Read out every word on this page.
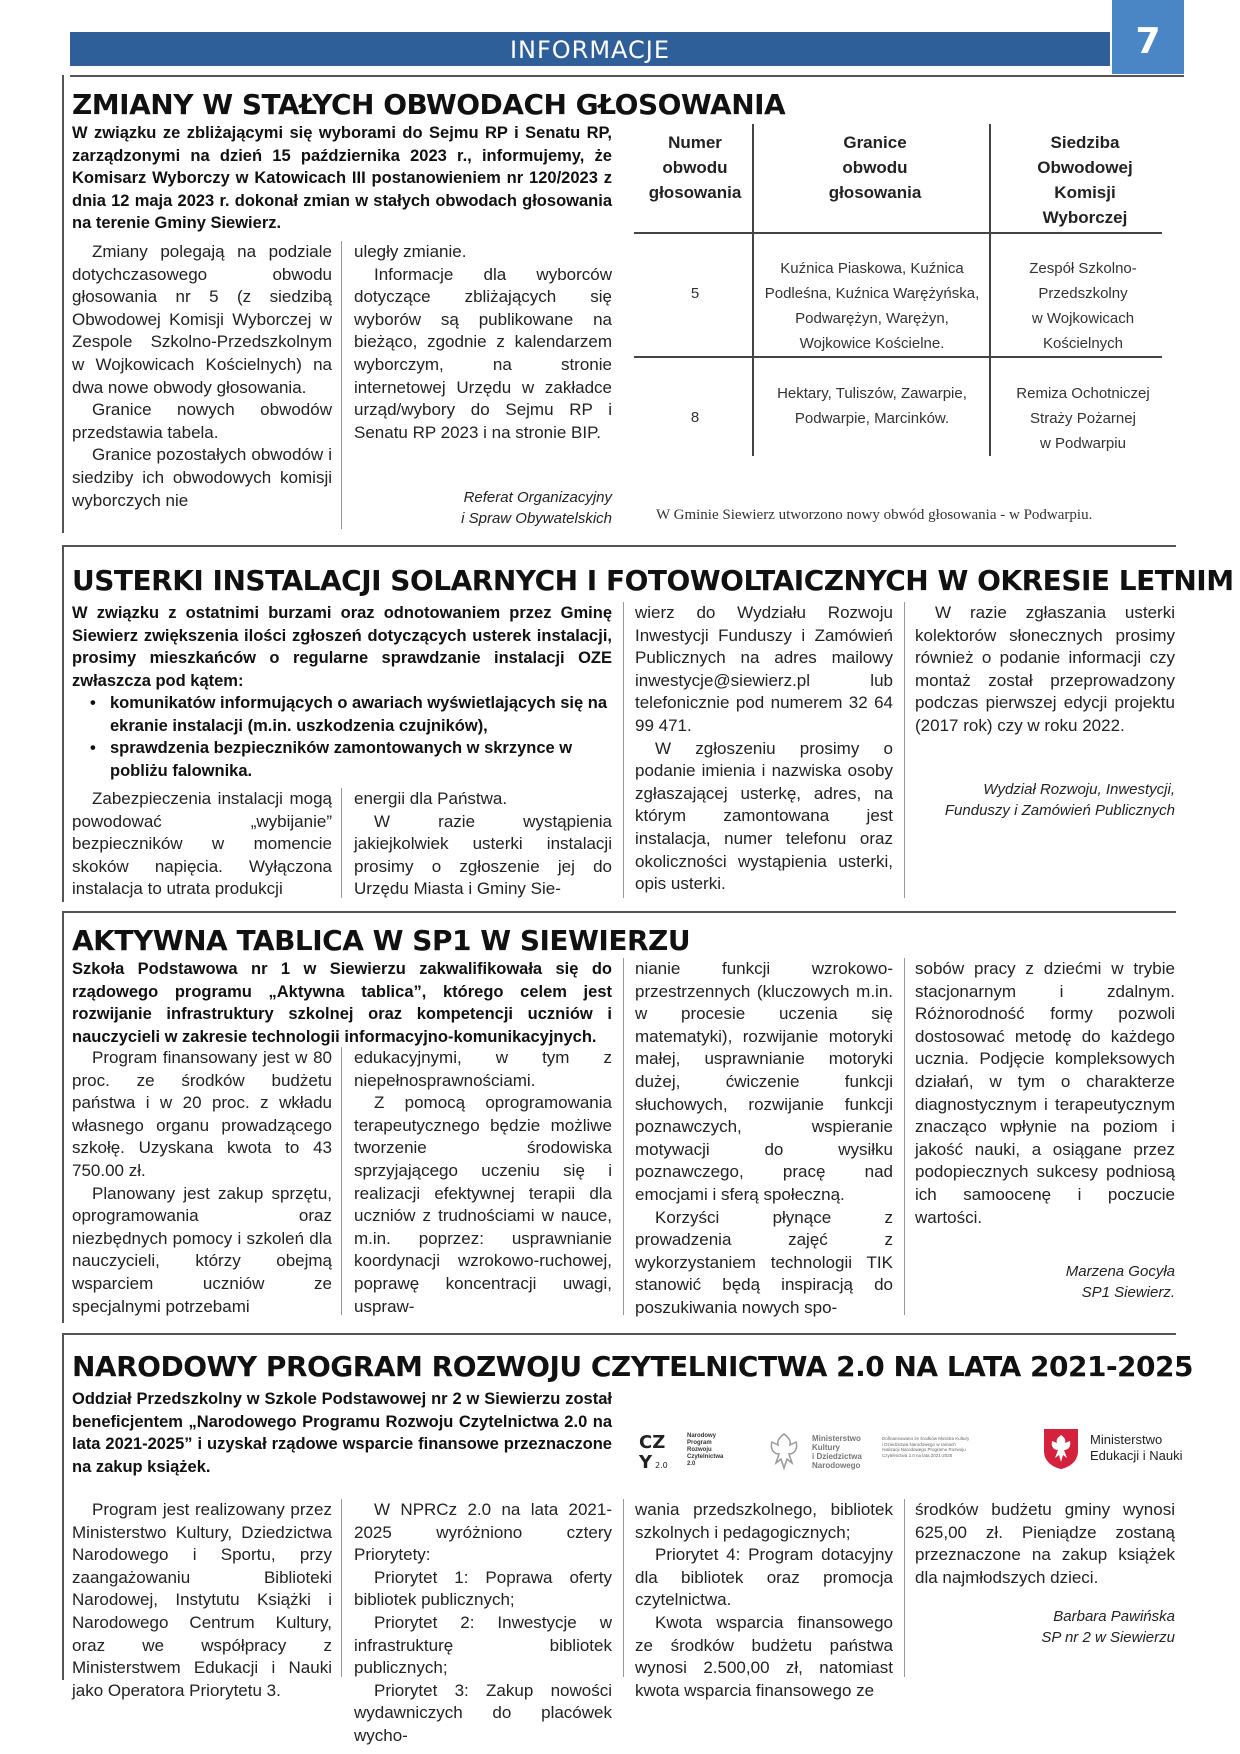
INFORMACJE	7
ZMIANY W STAŁYCH OBWODACH GŁOSOWANIA
W związku ze zbliżającymi się wyborami do Sejmu RP i Senatu RP, zarządzonymi na dzień 15 października 2023 r., informujemy, że Komisarz Wyborczy w Katowicach III postanowieniem nr 120/2023 z dnia 12 maja 2023 r. dokonał zmian w stałych obwodach głosowania na terenie Gminy Siewierz.

Zmiany polegają na podziale dotychczasowego obwodu głosowania nr 5 (z siedzibą Obwodowej Komisji Wyborczej w Zespole Szkolno-Przedszkolnym w Wojkowicach Kościelnych) na dwa nowe obwody głosowania.

Granice nowych obwodów przedstawia tabela.

Granice pozostałych obwodów i siedziby ich obwodowych komisji wyborczych nie

uległy zmianie.

Informacje dla wyborców dotyczące zbliżających się wyborów są publikowane na bieżąco, zgodnie z kalendarzem wyborczym, na stronie internetowej Urzędu w zakładce urząd/wybory do Sejmu RP i Senatu RP 2023 i na stronie BIP.

Referat Organizacyjny
i Spraw Obywatelskich
Numer
obwodu
głosowania
Granice
obwodu
głosowania
Siedziba
Obwodowej
Komisji
Wyborczej
5
Kuźnica Piaskowa, Kuźnica
Podleśna, Kuźnica Warężyńska,
Podwarężyn, Warężyn,
Wojkowice Kościelne.
Zespół Szkolno-
Przedszkolny
w Wojkowicach
Kościelnych
8
Hektary, Tuliszów, Zawarpie,
Podwarpie, Marcinków.
Remiza Ochotniczej
Straży Pożarnej
w Podwarpiu
W Gminie Siewierz utworzono nowy obwód głosowania - w Podwarpiu.
USTERKI INSTALACJI SOLARNYCH I FOTOWOLTAICZNYCH W OKRESIE LETNIM
W związku z ostatnimi burzami oraz odnotowaniem przez Gminę Siewierz zwiększenia ilości zgłoszeń dotyczących usterek instalacji, prosimy mieszkańców o regularne sprawdzanie instalacji OZE zwłaszcza pod kątem:
• komunikatów informujących o awariach wyświetlających się na ekranie instalacji (m.in. uszkodzenia czujników),
• sprawdzenia bezpieczników zamontowanych w skrzynce w pobliżu falownika.

Zabezpieczenia instalacji mogą powodować „wybijanie” bezpieczników w momencie skoków napięcia. Wyłączona instalacja to utrata produkcji

energii dla Państwa.

W razie wystąpienia jakiejkolwiek usterki instalacji prosimy o zgłoszenie jej do Urzędu Miasta i Gminy Sie-

wierz do Wydziału Rozwoju Inwestycji Funduszy i Zamówień Publicznych na adres mailowy inwestycje@siewierz.pl lub telefonicznie pod numerem 32 64 99 471.

W zgłoszeniu prosimy o podanie imienia i nazwiska osoby zgłaszającej usterkę, adres, na którym zamontowana jest instalacja, numer telefonu oraz okoliczności wystąpienia usterki, opis usterki.

W razie zgłaszania usterki kolektorów słonecznych prosimy również o podanie informacji czy montaż został przeprowadzony podczas pierwszej edycji projektu (2017 rok) czy w roku 2022.

Wydział Rozwoju, Inwestycji,
Funduszy i Zamówień Publicznych
AKTYWNA TABLICA W SP1 W SIEWIERZU
Szkoła Podstawowa nr 1 w Siewierzu zakwalifikowała się do rządowego programu „Aktywna tablica”, którego celem jest rozwijanie infrastruktury szkolnej oraz kompetencji uczniów i nauczycieli w zakresie technologii informacyjno-komunikacyjnych.

Program finansowany jest w 80 proc. ze środków budżetu państwa i w 20 proc. z wkładu własnego organu prowadzącego szkołę. Uzyskana kwota to 43 750.00 zł.

Planowany jest zakup sprzętu, oprogramowania oraz niezbędnych pomocy i szkoleń dla nauczycieli, którzy obejmą wsparciem uczniów ze specjalnymi potrzebami

edukacyjnymi, w tym z niepełnosprawnościami.

Z pomocą oprogramowania terapeutycznego będzie możliwe tworzenie środowiska sprzyjającego uczeniu się i realizacji efektywnej terapii dla uczniów z trudnościami w nauce, m.in. poprzez: usprawnianie koordynacji wzrokowo-ruchowej, poprawę koncentracji uwagi, uspraw-

nianie funkcji wzrokowo-przestrzennych (kluczowych m.in. w procesie uczenia się matematyki), rozwijanie motoryki małej, usprawnianie motoryki dużej, ćwiczenie funkcji słuchowych, rozwijanie funkcji poznawczych, wspieranie motywacji do wysiłku poznawczego, pracę nad emocjami i sferą społeczną.

Korzyści płynące z prowadzenia zajęć z wykorzystaniem technologii TIK stanowić będą inspiracją do poszukiwania nowych spo-

sobów pracy z dziećmi w trybie stacjonarnym i zdalnym. Różnorodność formy pozwoli dostosować metodę do każdego ucznia. Podjęcie kompleksowych działań, w tym o charakterze diagnostycznym i terapeutycznym znacząco wpłynie na poziom i jakość nauki, a osiągane przez podopiecznych sukcesy podniosą ich samoocenę i poczucie wartości.

Marzena Gocyła
SP1 Siewierz.
NARODOWY PROGRAM ROZWOJU CZYTELNICTWA 2.0 NA LATA 2021-2025
Oddział Przedszkolny w Szkole Podstawowej nr 2 w Siewierzu został beneficjentem „Narodowego Programu Rozwoju Czytelnictwa 2.0 na lata 2021-2025” i uzyskał rządowe wsparcie finansowe przeznaczone na zakup książek.
CZ
Y 2.0
Narodowy
Program
Rozwoju
Czytelnictwa
2.0
Ministerstwo
Kultury
i Dziedzictwa
Narodowego
Dofinansowano ze środków Ministra Kultury
i Dziedzictwa Narodowego w ramach
realizacji Narodowego Programu Rozwoju
Czytelnictwa 2.0 na lata 2021-2025
Ministerstwo
Edukacji i Nauki

Program jest realizowany przez Ministerstwo Kultury, Dziedzictwa Narodowego i Sportu, przy zaangażowaniu Biblioteki Narodowej, Instytutu Książki i Narodowego Centrum Kultury, oraz we współpracy z Ministerstwem Edukacji i Nauki jako Operatora Priorytetu 3.

W NPRCz 2.0 na lata 2021-2025 wyróżniono cztery Priorytety:

Priorytet 1: Poprawa oferty bibliotek publicznych;

Priorytet 2: Inwestycje w infrastrukturę bibliotek publicznych;

Priorytet 3: Zakup nowości wydawniczych do placówek wycho-

wania przedszkolnego, bibliotek szkolnych i pedagogicznych;

Priorytet 4: Program dotacyjny dla bibliotek oraz promocja czytelnictwa.

Kwota wsparcia finansowego ze środków budżetu państwa wynosi 2.500,00 zł, natomiast kwota wsparcia finansowego ze

środków budżetu gminy wynosi 625,00 zł. Pieniądze zostaną przeznaczone na zakup książek dla najmłodszych dzieci.

Barbara Pawińska
SP nr 2 w Siewierzu
